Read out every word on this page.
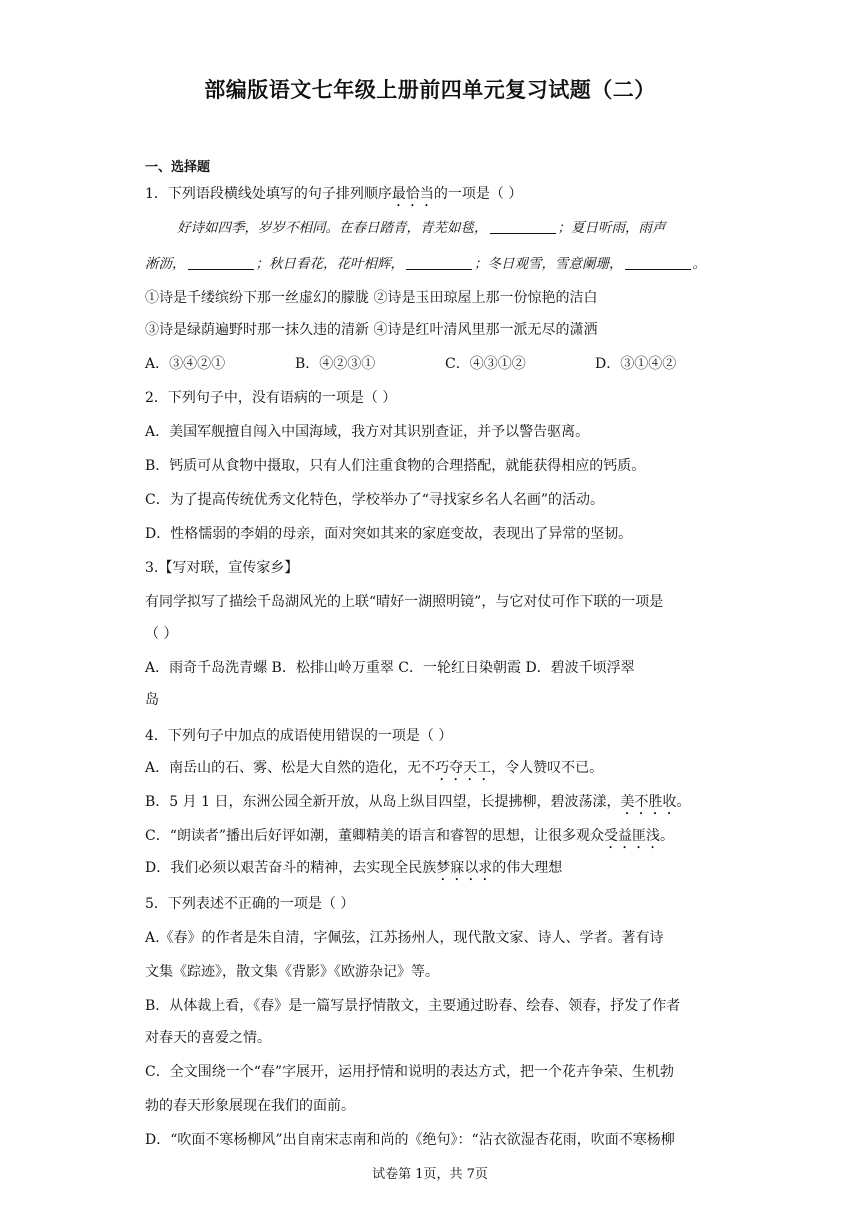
部编版语文七年级上册前四单元复习试题（二）
一、选择题
1．下列语段横线处填写的句子排列顺序最恰当的一项是（ ）
好诗如四季，岁岁不相同。在春日踏青，青芜如毯，	；夏日听雨，雨声
淅沥，	；秋日看花，花叶相辉，	；冬日观雪，雪意阑珊，	。
①诗是千缕缤纷下那一丝虚幻的朦胧 ②诗是玉田琼屋上那一份惊艳的洁白
③诗是绿荫遍野时那一抹久违的清新 ④诗是红叶清风里那一派无尽的潇洒
A．③④②①	B．④②③①	C．④③①②	D．③①④②
2．下列句子中，没有语病的一项是（ ）
A．美国军舰擅自闯入中国海域，我方对其识别查证，并予以警告驱离。
B．钙质可从食物中摄取，只有人们注重食物的合理搭配，就能获得相应的钙质。
C．为了提高传统优秀文化特色，学校举办了“寻找家乡名人名画”的活动。
D．性格懦弱的李娟的母亲，面对突如其来的家庭变故，表现出了异常的坚韧。
3.【写对联，宣传家乡】
有同学拟写了描绘千岛湖风光的上联“晴好一湖照明镜”，与它对仗可作下联的一项是
（ ）
A．雨奇千岛洗青螺 B．松排山岭万重翠 C．一轮红日染朝霞 D．碧波千顷浮翠
岛
4．下列句子中加点的成语使用错误的一项是（ ）
A．南岳山的石、雾、松是大自然的造化，无不巧夺天工，令人赞叹不已。
B．5 月 1 日，东洲公园全新开放，从岛上纵目四望，长提拂柳，碧波荡漾，美不胜收。
C．“朗读者”播出后好评如潮，董卿精美的语言和睿智的思想，让很多观众受益匪浅。
D．我们必须以艰苦奋斗的精神，去实现全民族梦寐以求的伟大理想
5．下列表述不正确的一项是（ ）
A.《春》的作者是朱自清，字佩弦，江苏扬州人，现代散文家、诗人、学者。著有诗
文集《踪迹》，散文集《背影》《欧游杂记》等。
B．从体裁上看，《春》是一篇写景抒情散文，主要通过盼春、绘春、领春，抒发了作者
对春天的喜爱之情。
C．全文围绕一个“春”字展开，运用抒情和说明的表达方式，把一个花卉争荣、生机勃
勃的春天形象展现在我们的面前。
D．“吹面不寒杨柳风”出自南宋志南和尚的《绝句》：“沾衣欲湿杏花雨，吹面不寒杨柳
试卷第 1页，共 7页
